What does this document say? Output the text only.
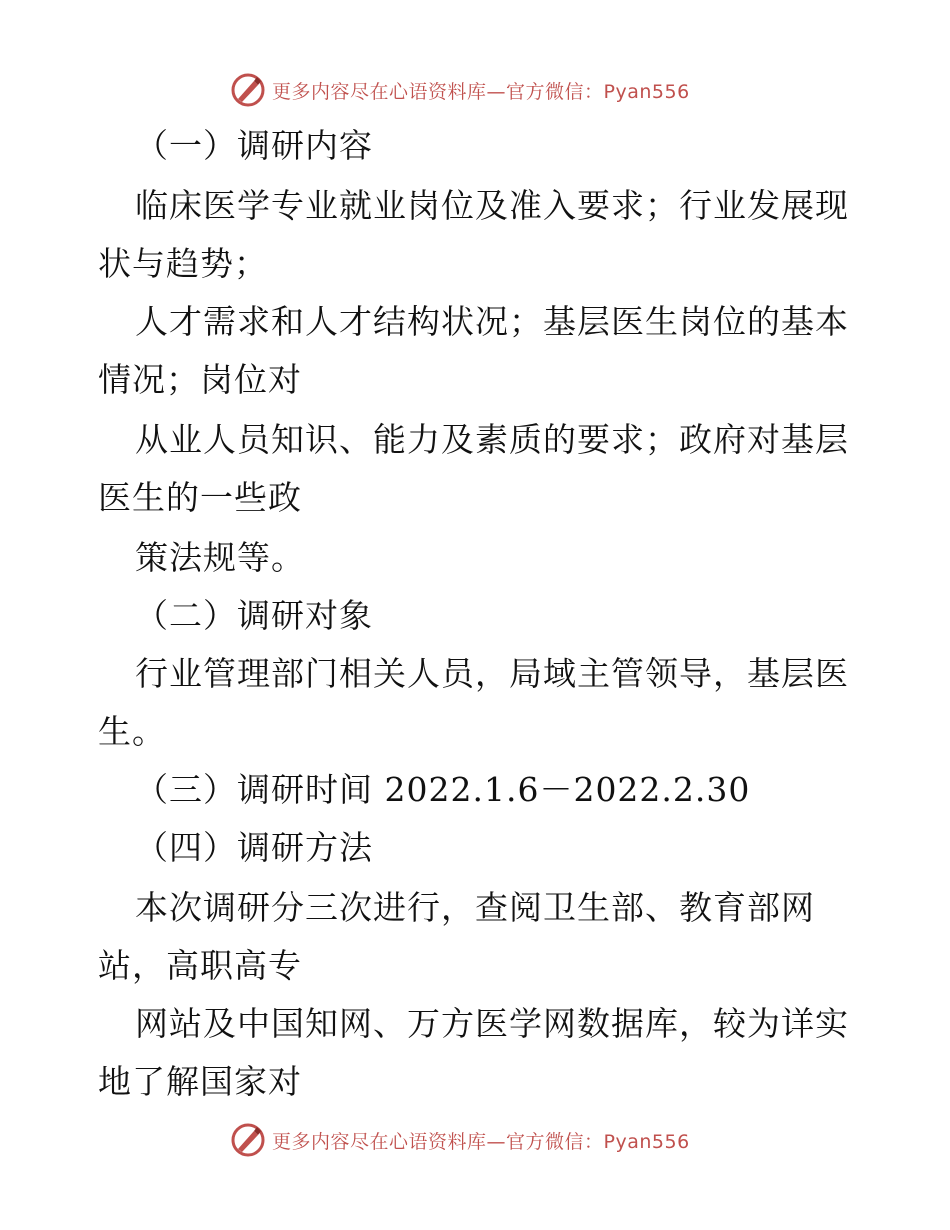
更多内容尽在心语资料库—官方微信：Pyan556
（一）调研内容
临床医学专业就业岗位及准入要求；行业发展现
状与趋势；
人才需求和人才结构状况；基层医生岗位的基本
情况；岗位对
从业人员知识、能力及素质的要求；政府对基层
医生的一些政
策法规等。
（二）调研对象
行业管理部门相关人员，局域主管领导，基层医
生。
（三）调研时间 2022.1.6－2022.2.30
（四）调研方法
本次调研分三次进行，查阅卫生部、教育部网
站，高职高专
网站及中国知网、万方医学网数据库，较为详实
地了解国家对
更多内容尽在心语资料库—官方微信：Pyan556
